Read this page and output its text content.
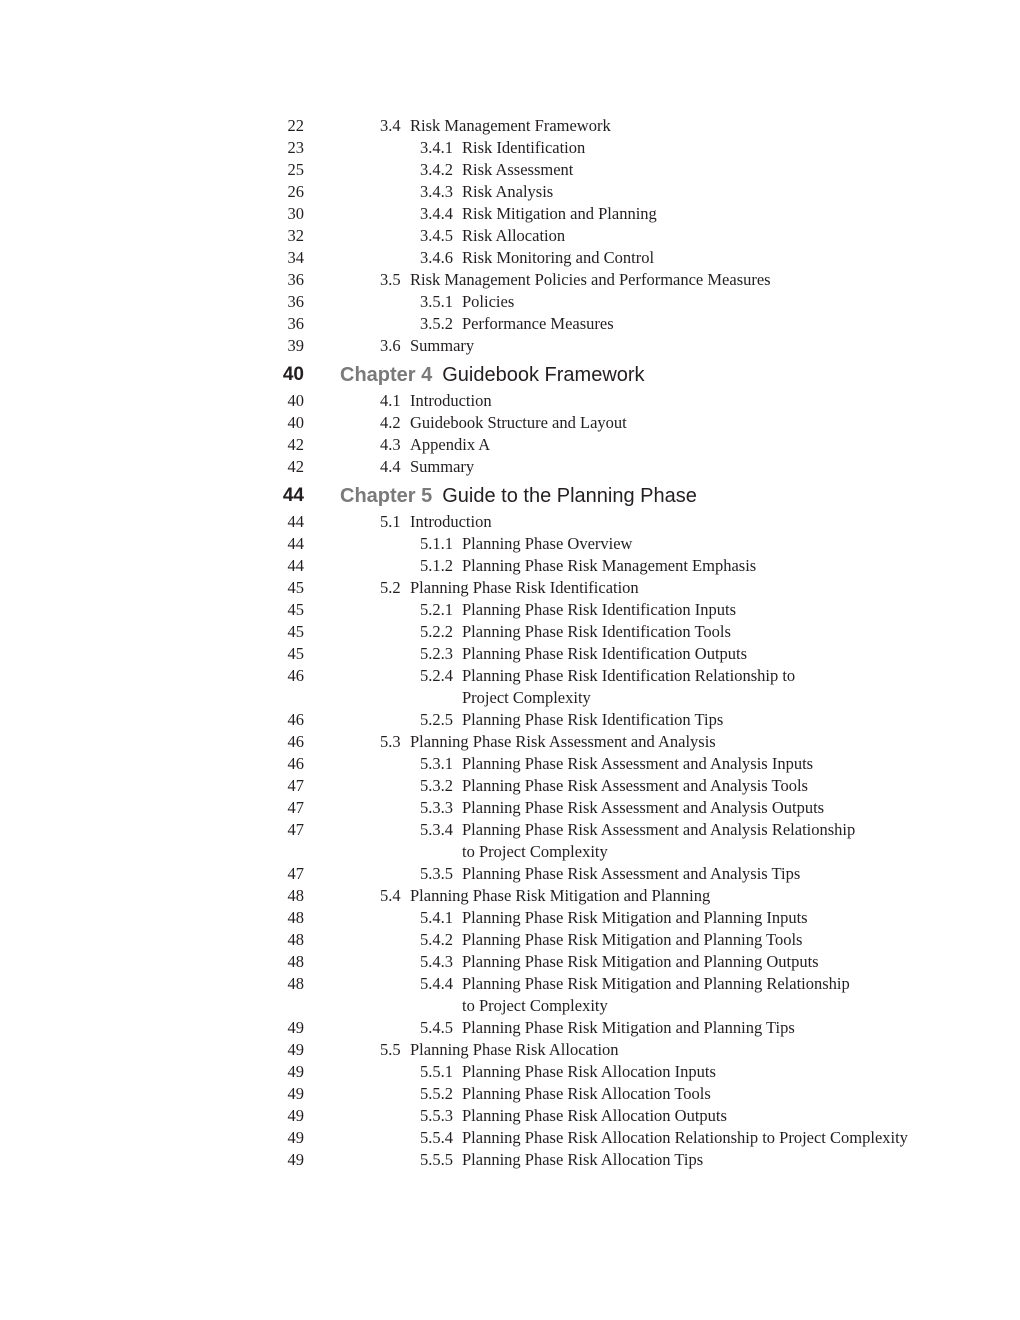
22	3.4 Risk Management Framework
23	3.4.1 Risk Identification
25	3.4.2 Risk Assessment
26	3.4.3 Risk Analysis
30	3.4.4 Risk Mitigation and Planning
32	3.4.5 Risk Allocation
34	3.4.6 Risk Monitoring and Control
36	3.5 Risk Management Policies and Performance Measures
36	3.5.1 Policies
36	3.5.2 Performance Measures
39	3.6 Summary
40 Chapter 4 Guidebook Framework
40	4.1 Introduction
40	4.2 Guidebook Structure and Layout
42	4.3 Appendix A
42	4.4 Summary
44 Chapter 5 Guide to the Planning Phase
44	5.1 Introduction
44	5.1.1 Planning Phase Overview
44	5.1.2 Planning Phase Risk Management Emphasis
45	5.2 Planning Phase Risk Identification
45	5.2.1 Planning Phase Risk Identification Inputs
45	5.2.2 Planning Phase Risk Identification Tools
45	5.2.3 Planning Phase Risk Identification Outputs
46	5.2.4 Planning Phase Risk Identification Relationship to
Project Complexity
46	5.2.5 Planning Phase Risk Identification Tips
46	5.3 Planning Phase Risk Assessment and Analysis
46	5.3.1 Planning Phase Risk Assessment and Analysis Inputs
47	5.3.2 Planning Phase Risk Assessment and Analysis Tools
47	5.3.3 Planning Phase Risk Assessment and Analysis Outputs
47	5.3.4 Planning Phase Risk Assessment and Analysis Relationship
to Project Complexity
47	5.3.5 Planning Phase Risk Assessment and Analysis Tips
48	5.4 Planning Phase Risk Mitigation and Planning
48	5.4.1 Planning Phase Risk Mitigation and Planning Inputs
48	5.4.2 Planning Phase Risk Mitigation and Planning Tools
48	5.4.3 Planning Phase Risk Mitigation and Planning Outputs
48	5.4.4 Planning Phase Risk Mitigation and Planning Relationship
to Project Complexity
49	5.4.5 Planning Phase Risk Mitigation and Planning Tips
49	5.5 Planning Phase Risk Allocation
49	5.5.1 Planning Phase Risk Allocation Inputs
49	5.5.2 Planning Phase Risk Allocation Tools
49	5.5.3 Planning Phase Risk Allocation Outputs
49	5.5.4 Planning Phase Risk Allocation Relationship to Project Complexity
49	5.5.5 Planning Phase Risk Allocation Tips
